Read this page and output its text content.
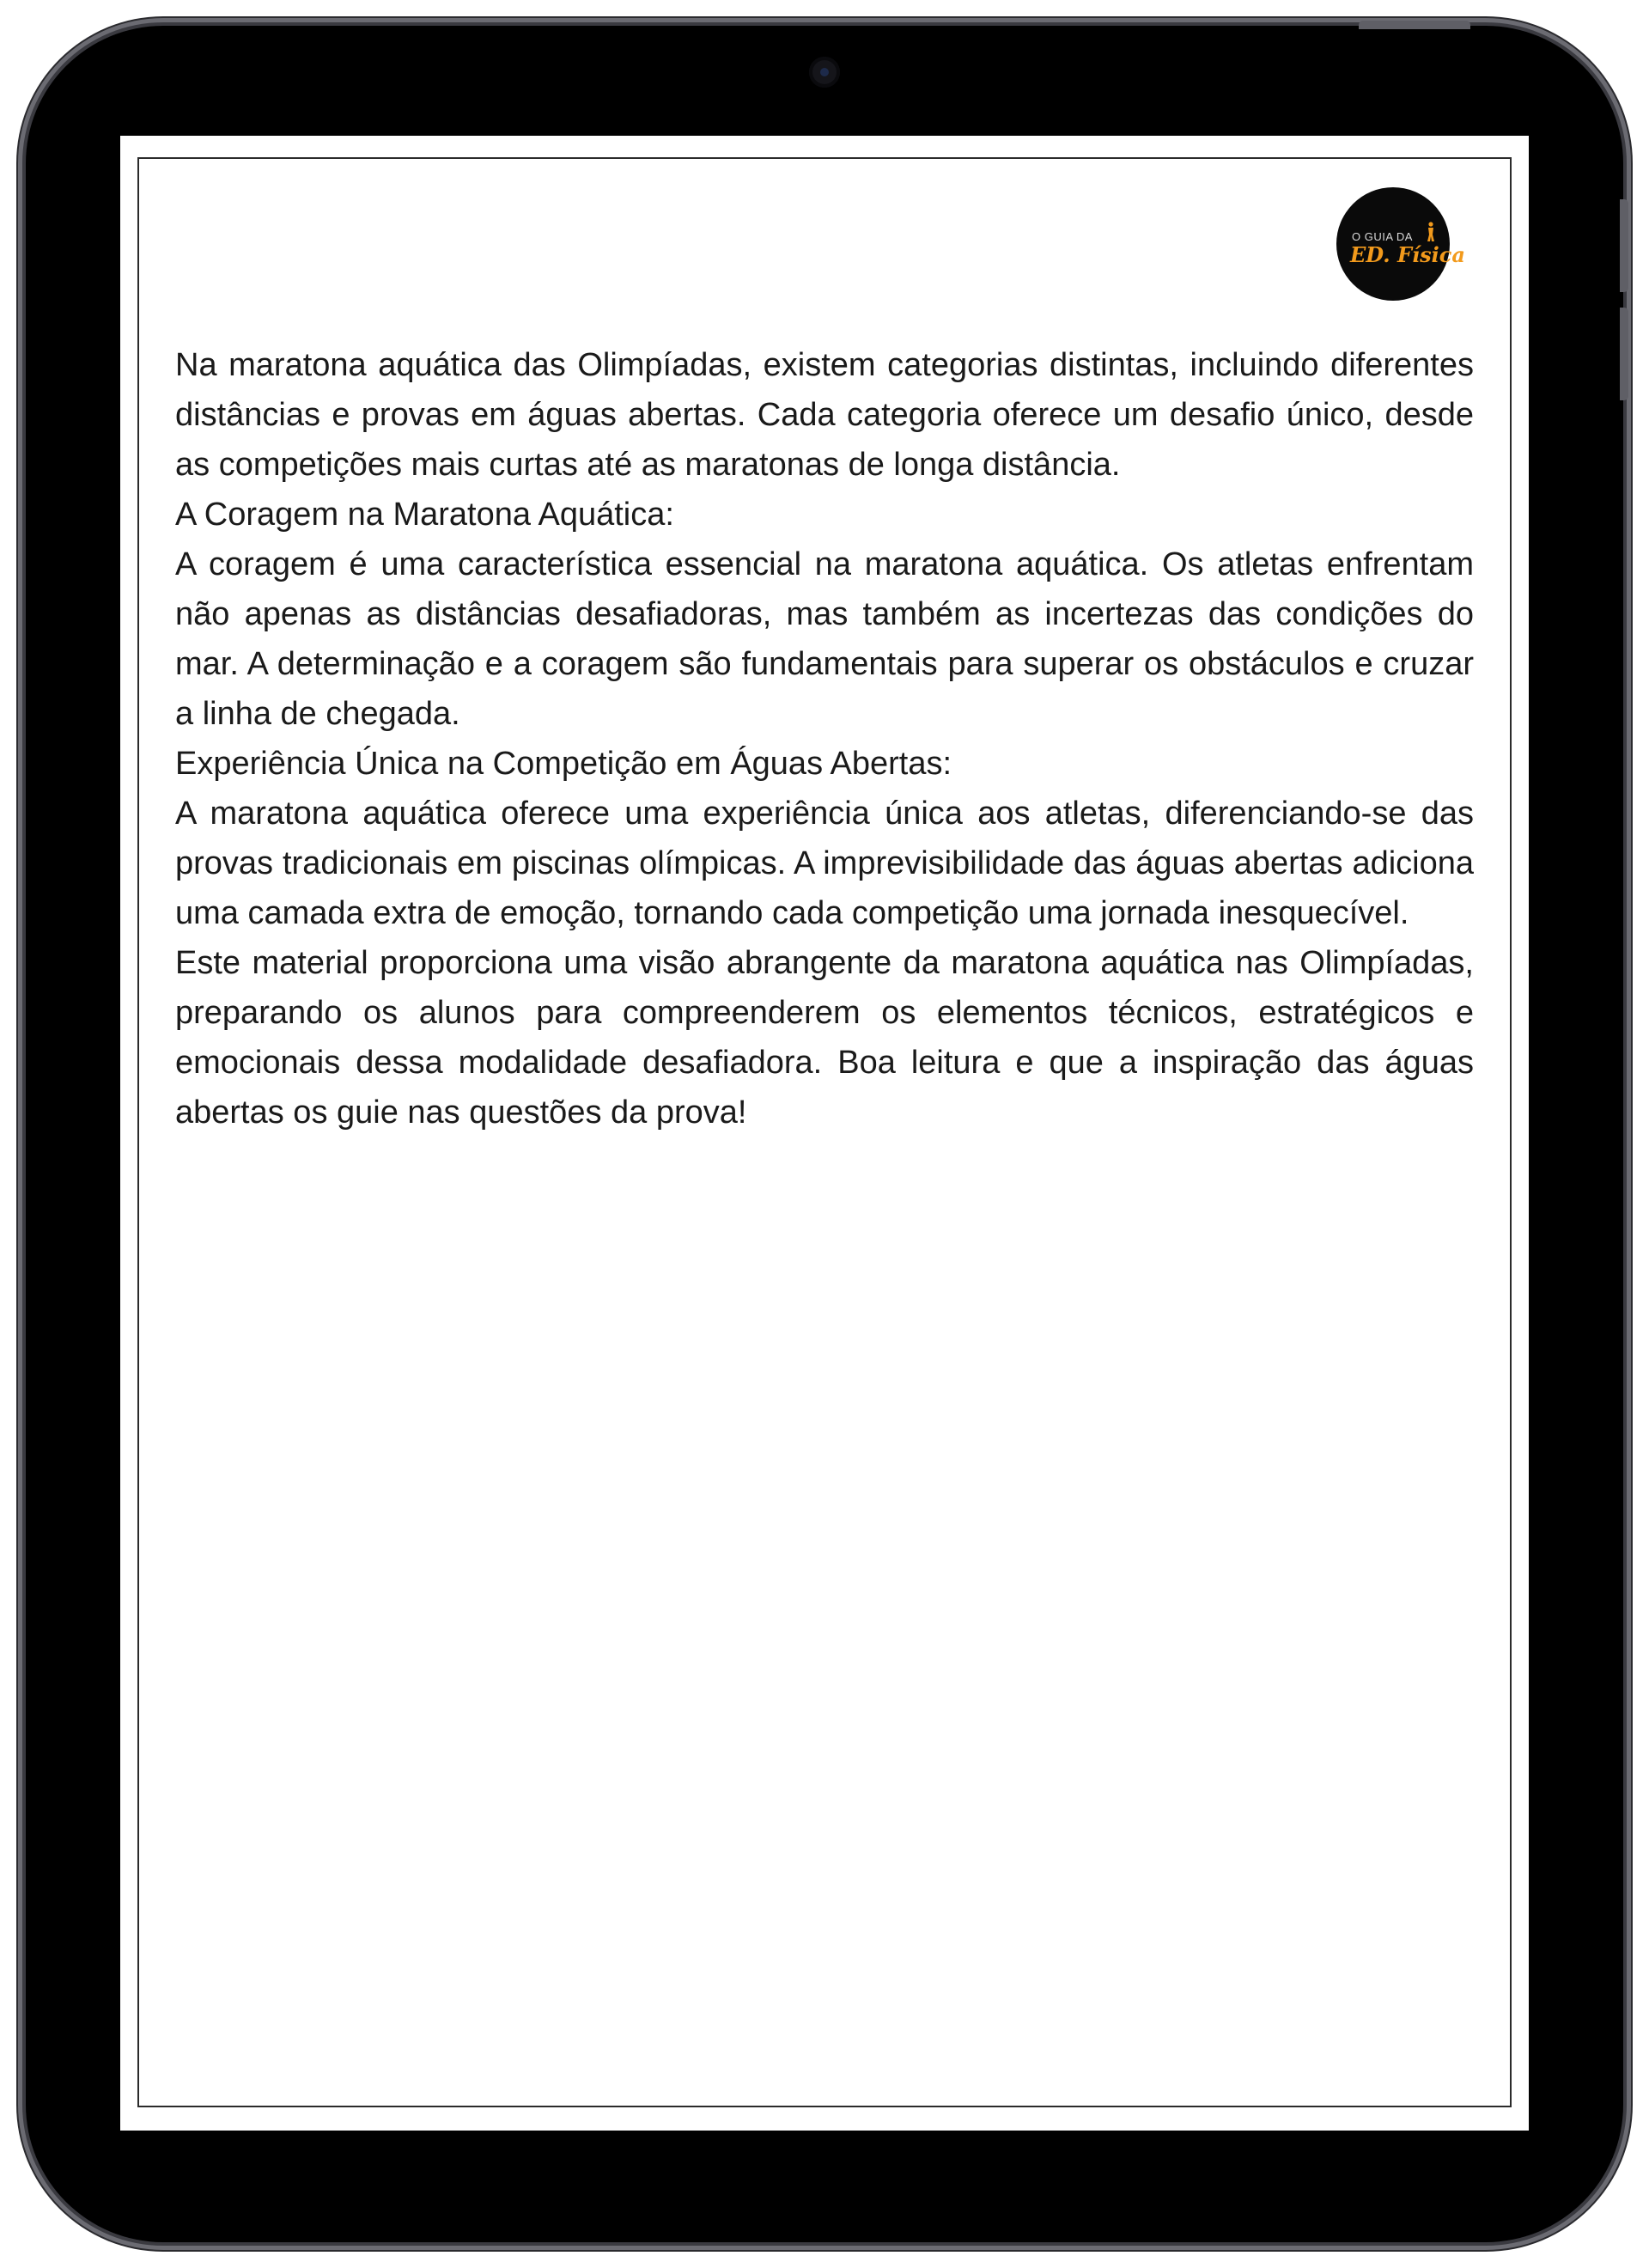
O GUIA DA
ED. Física

Na maratona aquática das Olimpíadas, existem categorias distintas, incluindo diferentes distâncias e provas em águas abertas. Cada categoria oferece um desafio único, desde as competições mais curtas até as maratonas de longa distância.

A Coragem na Maratona Aquática:

A coragem é uma característica essencial na maratona aquática. Os atletas enfrentam não apenas as distâncias desafiadoras, mas também as incertezas das condições do mar. A determinação e a coragem são fundamentais para superar os obstáculos e cruzar a linha de chegada.

Experiência Única na Competição em Águas Abertas:

A maratona aquática oferece uma experiência única aos atletas, diferenciando-se das provas tradicionais em piscinas olímpicas. A imprevisibilidade das águas abertas adiciona uma camada extra de emoção, tornando cada competição uma jornada inesquecível.

Este material proporciona uma visão abrangente da maratona aquática nas Olimpíadas, preparando os alunos para compreenderem os elementos técnicos, estratégicos e emocionais dessa modalidade desafiadora. Boa leitura e que a inspiração das águas abertas os guie nas questões da prova!
